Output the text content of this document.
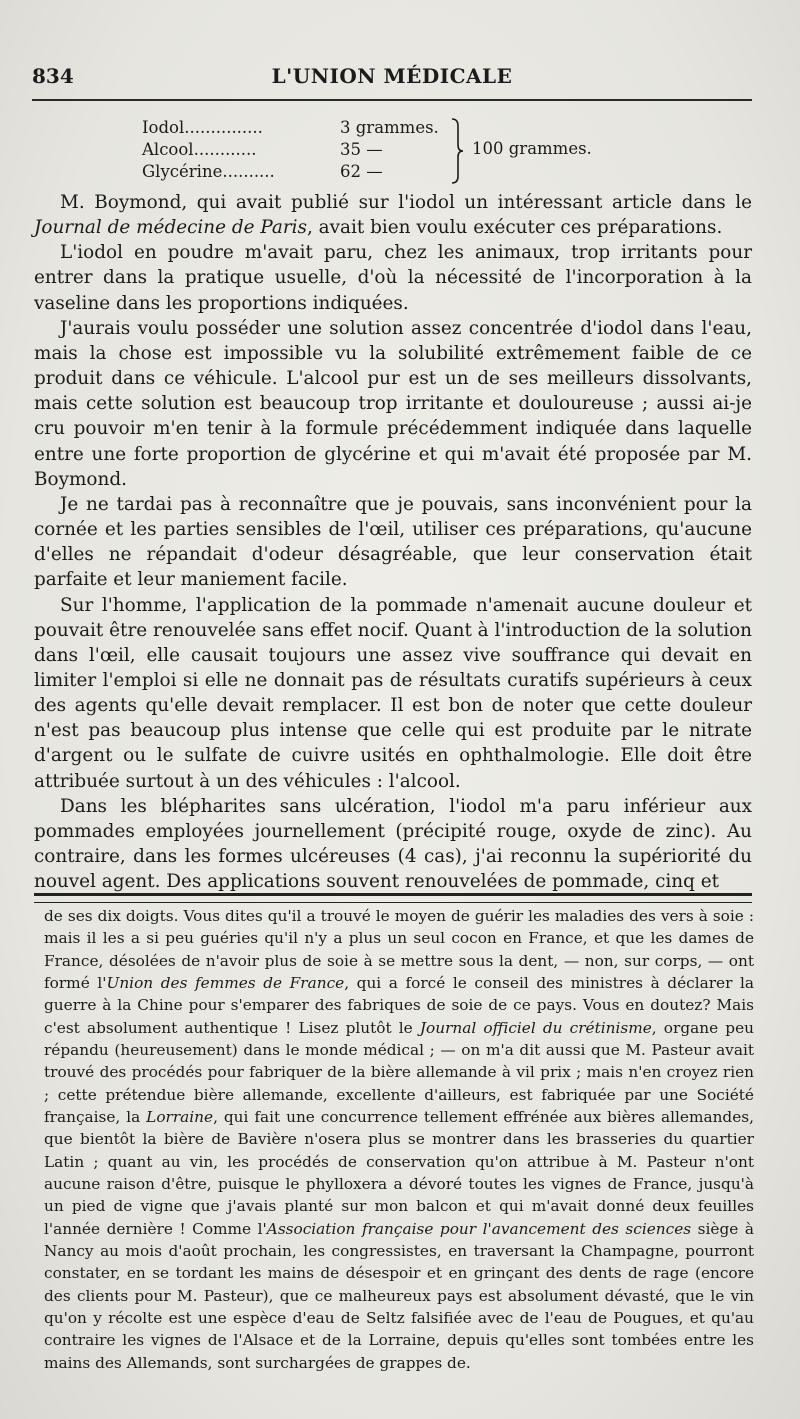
834	L'UNION MÉDICALE
Iodol...............	3 grammes.
Alcool............	35 —
Glycérine..........	62 —
100 grammes.

M. Boymond, qui avait publié sur l'iodol un intéressant article dans le Journal de médecine de Paris, avait bien voulu exécuter ces préparations.

L'iodol en poudre m'avait paru, chez les animaux, trop irritants pour entrer dans la pratique usuelle, d'où la nécessité de l'incorporation à la vaseline dans les proportions indiquées.

J'aurais voulu posséder une solution assez concentrée d'iodol dans l'eau, mais la chose est impossible vu la solubilité extrêmement faible de ce produit dans ce véhicule. L'alcool pur est un de ses meilleurs dissolvants, mais cette solution est beaucoup trop irritante et douloureuse ; aussi ai-je cru pouvoir m'en tenir à la formule précédemment indiquée dans laquelle entre une forte proportion de glycérine et qui m'avait été proposée par M. Boymond.

Je ne tardai pas à reconnaître que je pouvais, sans inconvénient pour la cornée et les parties sensibles de l'œil, utiliser ces préparations, qu'aucune d'elles ne répandait d'odeur désagréable, que leur conservation était parfaite et leur maniement facile.

Sur l'homme, l'application de la pommade n'amenait aucune douleur et pouvait être renouvelée sans effet nocif. Quant à l'introduction de la solution dans l'œil, elle causait toujours une assez vive souffrance qui devait en limiter l'emploi si elle ne donnait pas de résultats curatifs supérieurs à ceux des agents qu'elle devait remplacer. Il est bon de noter que cette douleur n'est pas beaucoup plus intense que celle qui est produite par le nitrate d'argent ou le sulfate de cuivre usités en ophthalmologie. Elle doit être attribuée surtout à un des véhicules : l'alcool.

Dans les blépharites sans ulcération, l'iodol m'a paru inférieur aux pommades employées journellement (précipité rouge, oxyde de zinc). Au contraire, dans les formes ulcéreuses (4 cas), j'ai reconnu la supériorité du nouvel agent. Des applications souvent renouvelées de pommade, cinq et

de ses dix doigts. Vous dites qu'il a trouvé le moyen de guérir les maladies des vers à soie : mais il les a si peu guéries qu'il n'y a plus un seul cocon en France, et que les dames de France, désolées de n'avoir plus de soie à se mettre sous la dent, — non, sur corps, — ont formé l'Union des femmes de France, qui a forcé le conseil des ministres à déclarer la guerre à la Chine pour s'emparer des fabriques de soie de ce pays. Vous en doutez? Mais c'est absolument authentique ! Lisez plutôt le Journal officiel du crétinisme, organe peu répandu (heureusement) dans le monde médical ; — on m'a dit aussi que M. Pasteur avait trouvé des procédés pour fabriquer de la bière allemande à vil prix ; mais n'en croyez rien ; cette prétendue bière allemande, excellente d'ailleurs, est fabriquée par une Société française, la Lorraine, qui fait une concurrence tellement effrénée aux bières allemandes, que bientôt la bière de Bavière n'osera plus se montrer dans les brasseries du quartier Latin ; quant au vin, les procédés de conservation qu'on attribue à M. Pasteur n'ont aucune raison d'être, puisque le phylloxera a dévoré toutes les vignes de France, jusqu'à un pied de vigne que j'avais planté sur mon balcon et qui m'avait donné deux feuilles l'année dernière ! Comme l'Association française pour l'avancement des sciences siège à Nancy au mois d'août prochain, les congressistes, en traversant la Champagne, pourront constater, en se tordant les mains de désespoir et en grinçant des dents de rage (encore des clients pour M. Pasteur), que ce malheureux pays est absolument dévasté, que le vin qu'on y récolte est une espèce d'eau de Seltz falsifiée avec de l'eau de Pougues, et qu'au contraire les vignes de l'Alsace et de la Lorraine, depuis qu'elles sont tombées entre les mains des Allemands, sont surchargées de grappes de.
